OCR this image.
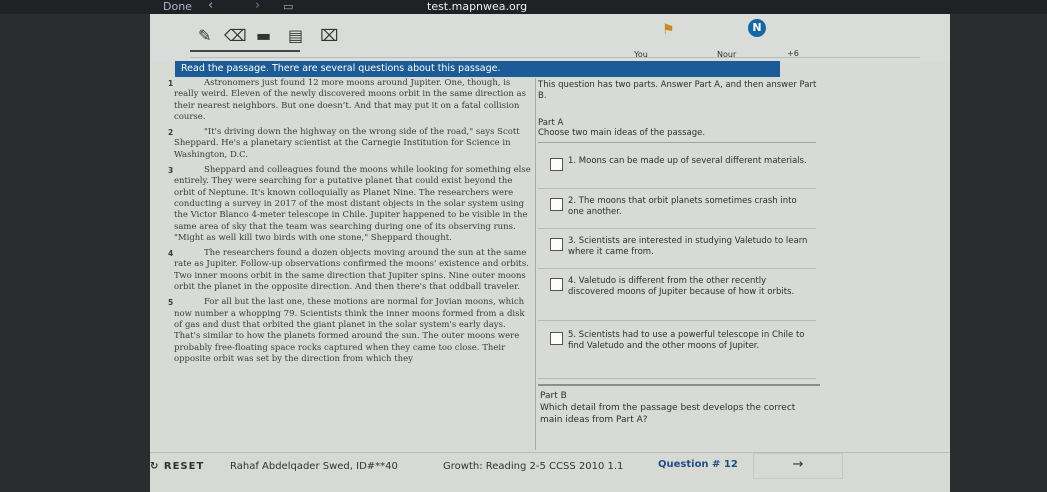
Done ‹	› ▭	test.mapnwea.org
✎ ⌫ ▬ ▤ ⌧	⚑	N
You	Nour	+6
Read the passage. There are several questions about this passage.
1	Astronomers just found 12 more moons around Jupiter. One, though, is really weird. Eleven of the newly discovered moons orbit in the same direction as their nearest neighbors. But one doesn’t. And that may put it on a fatal collision course.
2	"It's driving down the highway on the wrong side of the road," says Scott Sheppard. He's a planetary scientist at the Carnegie Institution for Science in Washington, D.C.
3	Sheppard and colleagues found the moons while looking for something else entirely. They were searching for a putative planet that could exist beyond the orbit of Neptune. It's known colloquially as Planet Nine. The researchers were conducting a survey in 2017 of the most distant objects in the solar system using the Victor Blanco 4-meter telescope in Chile. Jupiter happened to be visible in the same area of sky that the team was searching during one of its observing runs. "Might as well kill two birds with one stone," Sheppard thought.
4	The researchers found a dozen objects moving around the sun at the same rate as Jupiter. Follow-up observations confirmed the moons' existence and orbits. Two inner moons orbit in the same direction that Jupiter spins. Nine outer moons orbit the planet in the opposite direction. And then there's that oddball traveler.
5	For all but the last one, these motions are normal for Jovian moons, which now number a whopping 79. Scientists think the inner moons formed from a disk of gas and dust that orbited the giant planet in the solar system's early days. That's similar to how the planets formed around the sun. The outer moons were probably free-floating space rocks captured when they came too close. Their opposite orbit was set by the direction from which they
This question has two parts. Answer Part A, and then answer Part B.
Part A
Choose two main ideas of the passage.
1. Moons can be made up of several different materials.
2. The moons that orbit planets sometimes crash into one another.
3. Scientists are interested in studying Valetudo to learn where it came from.
4. Valetudo is different from the other recently discovered moons of Jupiter because of how it orbits.
5. Scientists had to use a powerful telescope in Chile to find Valetudo and the other moons of Jupiter.
Part B
Which detail from the passage best develops the correct main ideas from Part A?
↻ RESET	Rahaf Abdelqader Swed, ID#**40	Growth: Reading 2-5 CCSS 2010 1.1	Question # 12	→
